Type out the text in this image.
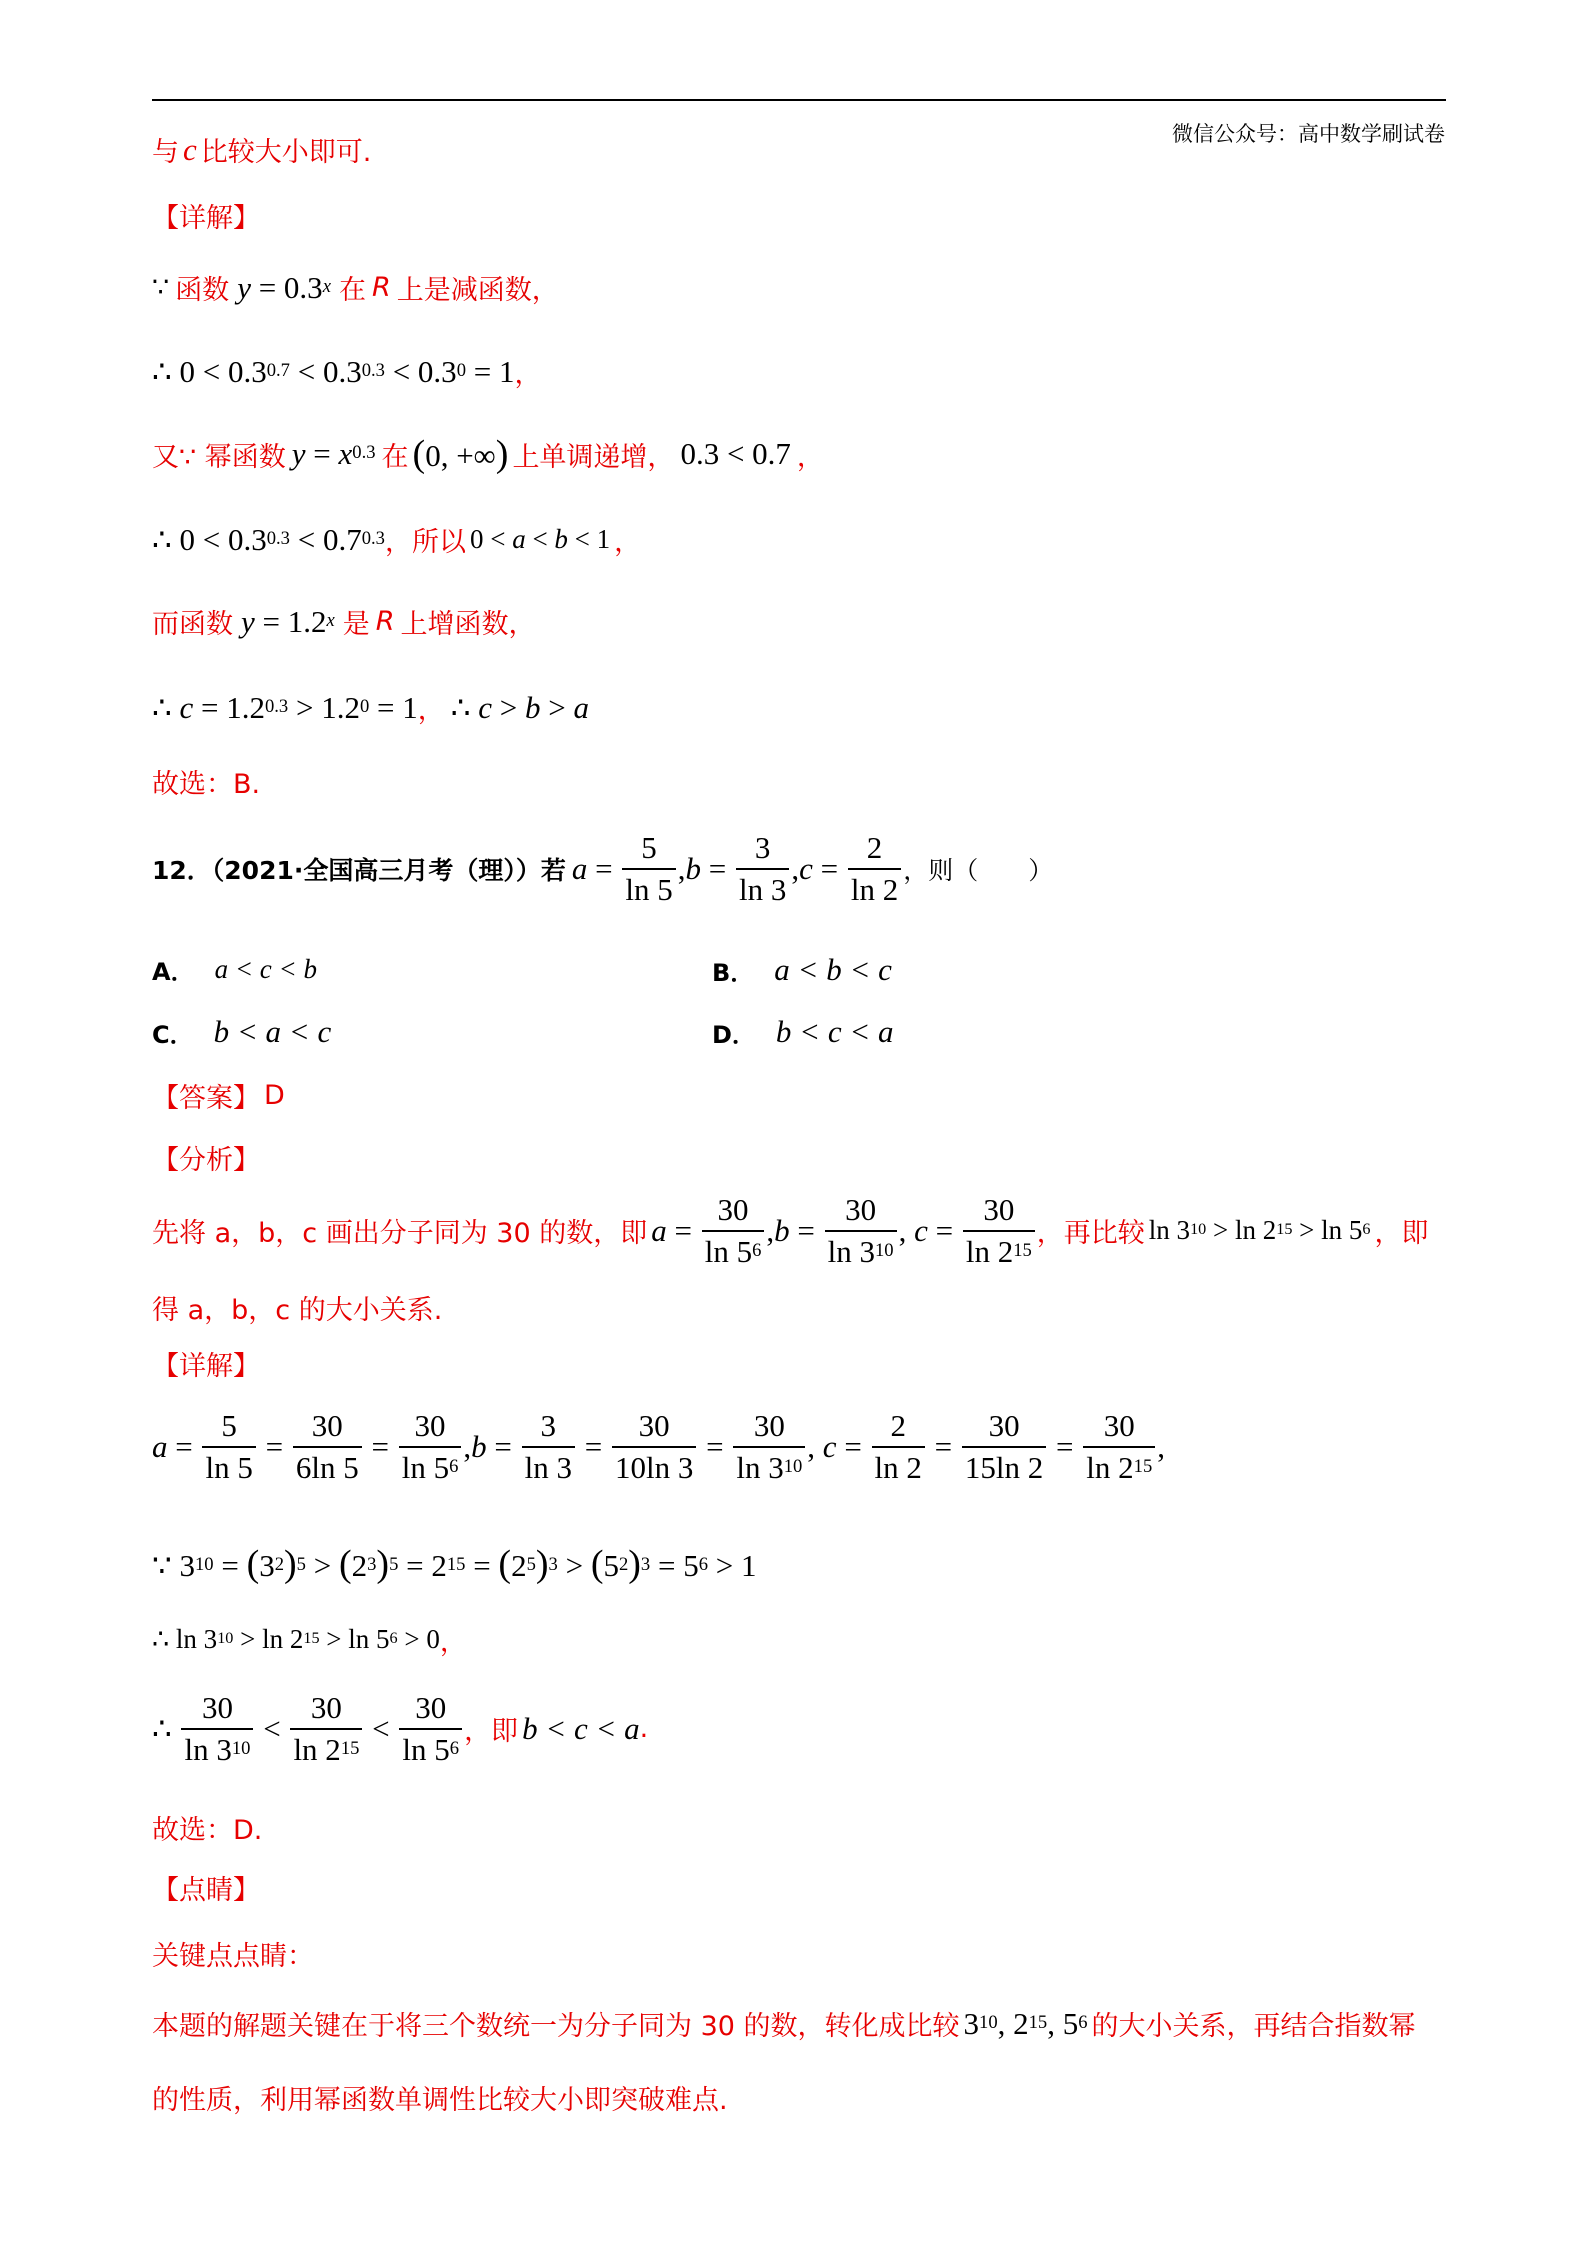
微信公众号：高中数学刷试卷
与 c 比较大小即可.
【详解】
∵ 函数 $y = 0.3^x$ 在 R 上是减函数，
∴ $0 < 0.3^{0.7} < 0.3^{0.3} < 0.3^0 = 1$ ，
又∵ 幂函数 $y = x^{0.3}$ 在 (0, +∞) 上单调递增， 0.3 < 0.7 ，
∴ $0 < 0.3^{0.3} < 0.7^{0.3}$ ，所以 0 < a < b < 1 ，
而函数 $y = 1.2^x$ 是 R 上增函数，
∴ $c = 1.2^{0.3} > 1.2^0 = 1$ ， ∴ c > b > a
故选：B.
12．（2021·全国高三月考（理））若 $a = \frac{5}{\ln 5}$ , $b = \frac{3}{\ln 3}$ , $c = \frac{2}{\ln 2}$ ，则（　　）
A． a < c < b	B． a < b < c
C． b < a < c	D． b < c < a
【答案】 D
【分析】
先将 a，b，c 画出分子同为 30 的数，即 $a = \frac{30}{\ln 5^6}$ , $b = \frac{30}{\ln 3^{10}}$ , $c = \frac{30}{\ln 2^{15}}$ ，再比较 $\ln 3^{10} > \ln 2^{15} > \ln 5^6$ ，即
得 a，b，c 的大小关系.
【详解】
$a = \frac{5}{\ln 5} = \frac{30}{6\ln 5} = \frac{30}{\ln 5^6}$ , $b = \frac{3}{\ln 3} = \frac{30}{10\ln 3} = \frac{30}{\ln 3^{10}}$ , $c = \frac{2}{\ln 2} = \frac{30}{15\ln 2} = \frac{30}{\ln 2^{15}}$ ,
∵ $3^{10} = (3^2)^5 > (2^3)^5 = 2^{15} = (2^5)^3 > (5^2)^3 = 5^6 > 1$
∴ $\ln 3^{10} > \ln 2^{15} > \ln 5^6 > 0$ ，
∴ $\frac{30}{\ln 3^{10}} < \frac{30}{\ln 2^{15}} < \frac{30}{\ln 5^6}$ ，即 b < c < a .
故选：D.
【点睛】
关键点点睛：
本题的解题关键在于将三个数统一为分子同为 30 的数，转化成比较 $3^{10}$, $2^{15}$, $5^6$ 的大小关系，再结合指数幂
的性质，利用幂函数单调性比较大小即突破难点.
